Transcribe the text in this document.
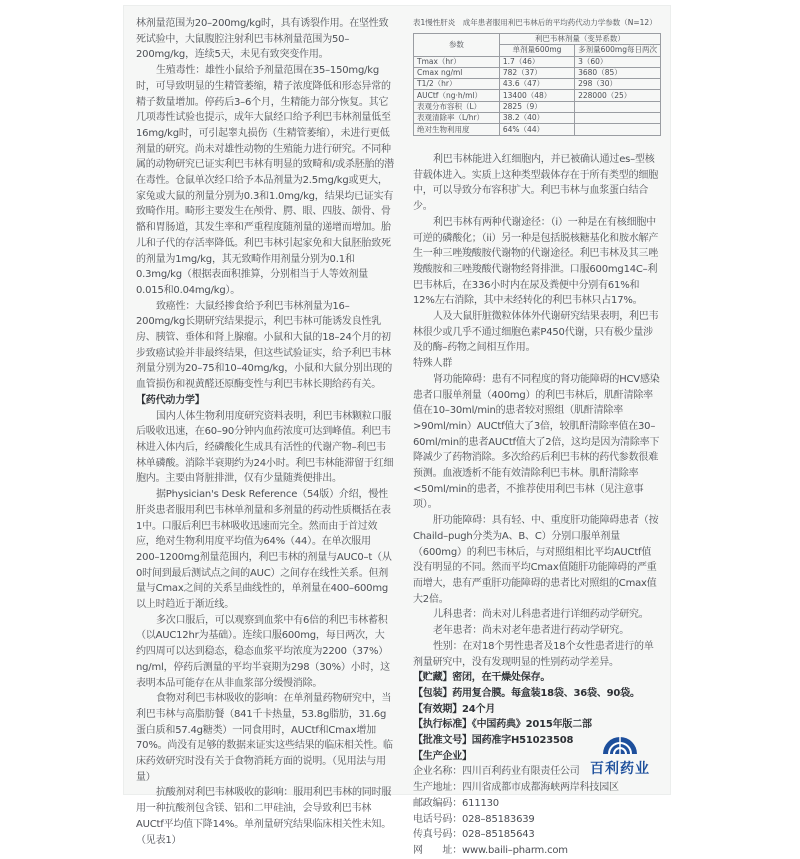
林剂量范围为20–200mg/kg时，具有诱裂作用。在坚性致死试验中，大鼠腹腔注射利巴韦林剂量范围为50–200mg/kg，连续5天，未见有致突变作用。

生殖毒性：雄性小鼠给予剂量范围在35–150mg/kg时，可导致明显的生精管萎缩，精子浓度降低和形态异常的精子数量增加。停药后3–6个月，生精能力部分恢复。其它几项毒性试验也提示，成年大鼠经口给予利巴韦林剂量低至16mg/kg时，可引起睾丸损伤（生精管萎缩），未进行更低剂量的研究。尚未对雄性动物的生殖能力进行研究。不同种属的动物研究已证实利巴韦林有明显的致畸和/或杀胚胎的潜在毒性。仓鼠单次经口给予本品剂量为2.5mg/kg或更大，家兔或大鼠的剂量分别为0.3和1.0mg/kg，结果均已证实有致畸作用。畸形主要发生在颅骨、腭、眼、四肢、颌骨、骨骼和胃肠道，其发生率和严重程度随剂量的递增而增加。胎儿和子代的存活率降低。利巴韦林引起家免和大鼠胚胎致死的剂量为1mg/kg，其无致畸作用剂量分别为0.1和0.3mg/kg（根据表面积推算，分别相当于人等效剂量0.015和0.04mg/kg）。

致癌性：大鼠经掺食给予利巴韦林剂量为16–200mg/kg长期研究结果提示，利巴韦林可能诱发良性乳房、胰管、垂体和肾上腺瘤。小鼠和大鼠的18–24个月的初步致癌试验并非最终结果，但这些试验证实，给予利巴韦林剂量分别为20–75和10–40mg/kg，小鼠和大鼠分别出现的血管损伤和视黄醛还原酶变性与利巴韦林长期给药有关。

【药代动力学】

国内人体生物利用度研究资料表明，利巴韦林颗粒口服后吸收迅速，在60–90分钟内血药浓度可达到峰值。利巴韦林进入体内后，经磷酸化生成具有活性的代谢产物–利巴韦林单磷酸。消除半衰期约为24小时。利巴韦林能滞留于红细胞内。主要由肾脏排泄，仅有少量随粪便排出。

据Physician's Desk Reference（54版）介绍，慢性肝炎患者服用利巴韦林单剂量和多剂量的药动性质概括在表1中。口服后利巴韦林吸收迅速而完全。然而由于首过效应，绝对生物利用度平均值为64%（44）。在单次服用200–1200mg剂量范围内，利巴韦林的剂量与AUC0–t（从0时间到最后测试点之间的AUC）之间存在线性关系。但剂量与Cmax之间的关系呈曲线性的，单剂量在400–600mg以上时趋近于渐近线。

多次口服后，可以观察到血浆中有6倍的利巴韦林蓄积（以AUC12hr为基础）。连续口服600mg，每日两次，大约四周可以达到稳态，稳态血浆平均浓度为2200（37%）ng/ml，停药后测量的平均半衰期为298（30%）小时，这表明本品可能存在从非血浆部分缓慢消除。

食物对利巴韦林吸收的影响：在单剂量药物研究中，当利巴韦林与高脂肪餐（841千卡热量，53.8g脂肪，31.6g蛋白质和57.4g糖类）一同食用时，AUCtf和Cmax增加70%。尚没有足够的数据来证实这些结果的临床相关性。临床药效研究时没有关于食物消耗方面的说明。（见用法与用量）

抗酸剂对利巴韦林吸收的影响：服用利巴韦林的同时服用一种抗酸剂包含镁、铝和二甲硅油，会导致利巴韦林AUCtf平均值下降14%。单剂量研究结果临床相关性未知。（见表1）

表1慢性肝炎　成年患者服用利巴韦林后的平均药代动力学参数（N=12）
参数	利巴韦林剂量（变异系数）	
	单剂量600mg	多剂量600mg每日两次
Tmax（hr）	1.7（46）	3（60）
Cmax ng/ml	782（37）	3680（85）
T1/2（hr）	43.6（47）	298（30）
AUCtf（ng·h/ml）	13400（48）	228000（25）
表观分布容积（L）	2825（9）	
表观清除率（L/hr）	38.2（40）	
绝对生物利用度	64%（44）	

利巴韦林能进入红细胞内，并已被确认通过es–型核苷载体进入。实质上这种类型载体存在于所有类型的细胞中，可以导致分布容积扩大。利巴韦林与血浆蛋白结合少。

利巴韦林有两种代谢途径：（i）一种是在有核细胞中可逆的磷酸化；（ii）另一种是包括脱核糖基化和胺水解产生一种三唑羧酸胺代谢物的代谢途径。利巴韦林及其三唑羧酸胺和三唑羧酸代谢物经肾排泄。口服600mg14C–利巴韦林后，在336小时内在尿及粪便中分别有61%和12%左右消除，其中未经转化的利巴韦林只占17%。

人及大鼠肝脏微粒体体外代谢研究结果表明，利巴韦林很少或几乎不通过细胞色素P450代谢，只有极少量涉及的酶–药物之间相互作用。

特殊人群

肾功能障碍：患有不同程度的肾功能障碍的HCV感染患者口服单剂量（400mg）的利巴韦林后，肌酐清除率值在10–30ml/min的患者较对照组（肌酐清除率>90ml/min）AUCtf值大了3倍，较肌酐清除率值在30–60ml/min的患者AUCtf值大了2倍，这均是因为清除率下降减少了药物消除。多次给药后利巴韦林的药代参数很难预测。血液透析不能有效清除利巴韦林。肌酐清除率<50ml/min的患者，不推荐使用利巴韦林（见注意事项）。

肝功能障碍：具有轻、中、重度肝功能障碍患者（按Chaild–pugh分类为A、B、C）分别口服单剂量（600mg）的利巴韦林后，与对照组相比平均AUCtf值没有明显的不同。然而平均Cmax值随肝功能障碍的严重而增大，患有严重肝功能障碍的患者比对照组的Cmax值大2倍。

儿科患者：尚未对儿科患者进行详细药动学研究。

老年患者：尚未对老年患者进行药动学研究。

性别：在对18个男性患者及18个女性患者进行的单剂量研究中，没有发现明显的性别药动学差异。

【贮藏】密闭，在干燥处保存。

【包装】药用复合膜。每盒装18袋、36袋、90袋。

【有效期】24个月

【执行标准】《中国药典》2015年版二部

【批准文号】国药准字H51023508

【生产企业】

企业名称：四川百利药业有限责任公司

生产地址：四川省成都市成都海峡两岸科技园区

邮政编码：611130

电话号码：028–85183639

传真号码：028–85185643

网　　址：www.baili–pharm.com

百利药业
